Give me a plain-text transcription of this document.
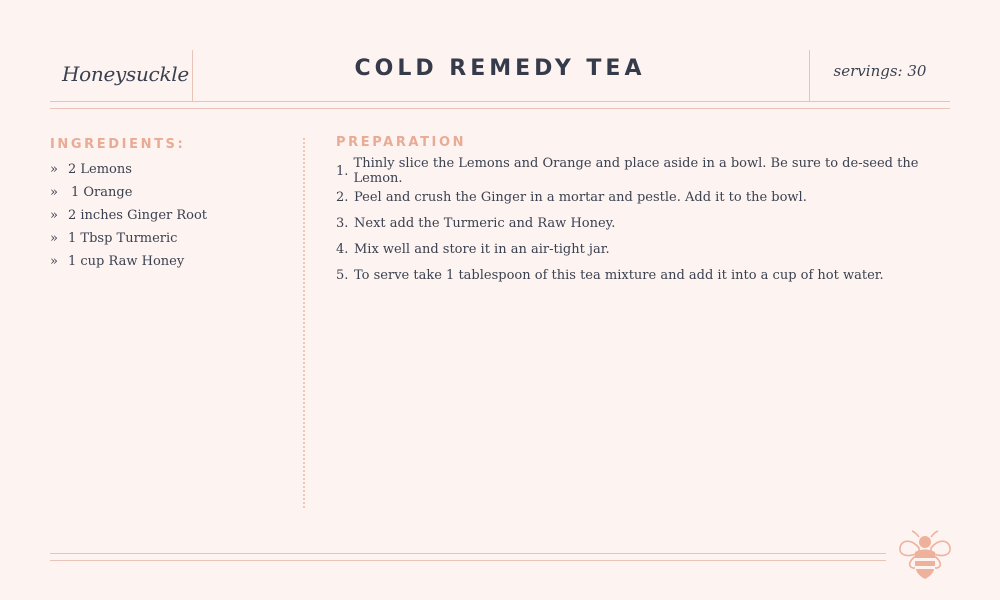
Honeysuckle	COLD REMEDY TEA	servings: 30
INGREDIENTS:
» 2 Lemons
»	1 Orange
» 2 inches Ginger Root
» 1 Tbsp Turmeric
» 1 cup Raw Honey
PREPARATION
1. Thinly slice the Lemons and Orange and place aside in a bowl. Be sure to de-seed the Lemon.
2. Peel and crush the Ginger in a mortar and pestle. Add it to the bowl.
3. Next add the Turmeric and Raw Honey.
4. Mix well and store it in an air-tight jar.
5. To serve take 1 tablespoon of this tea mixture and add it into a cup of hot water.
